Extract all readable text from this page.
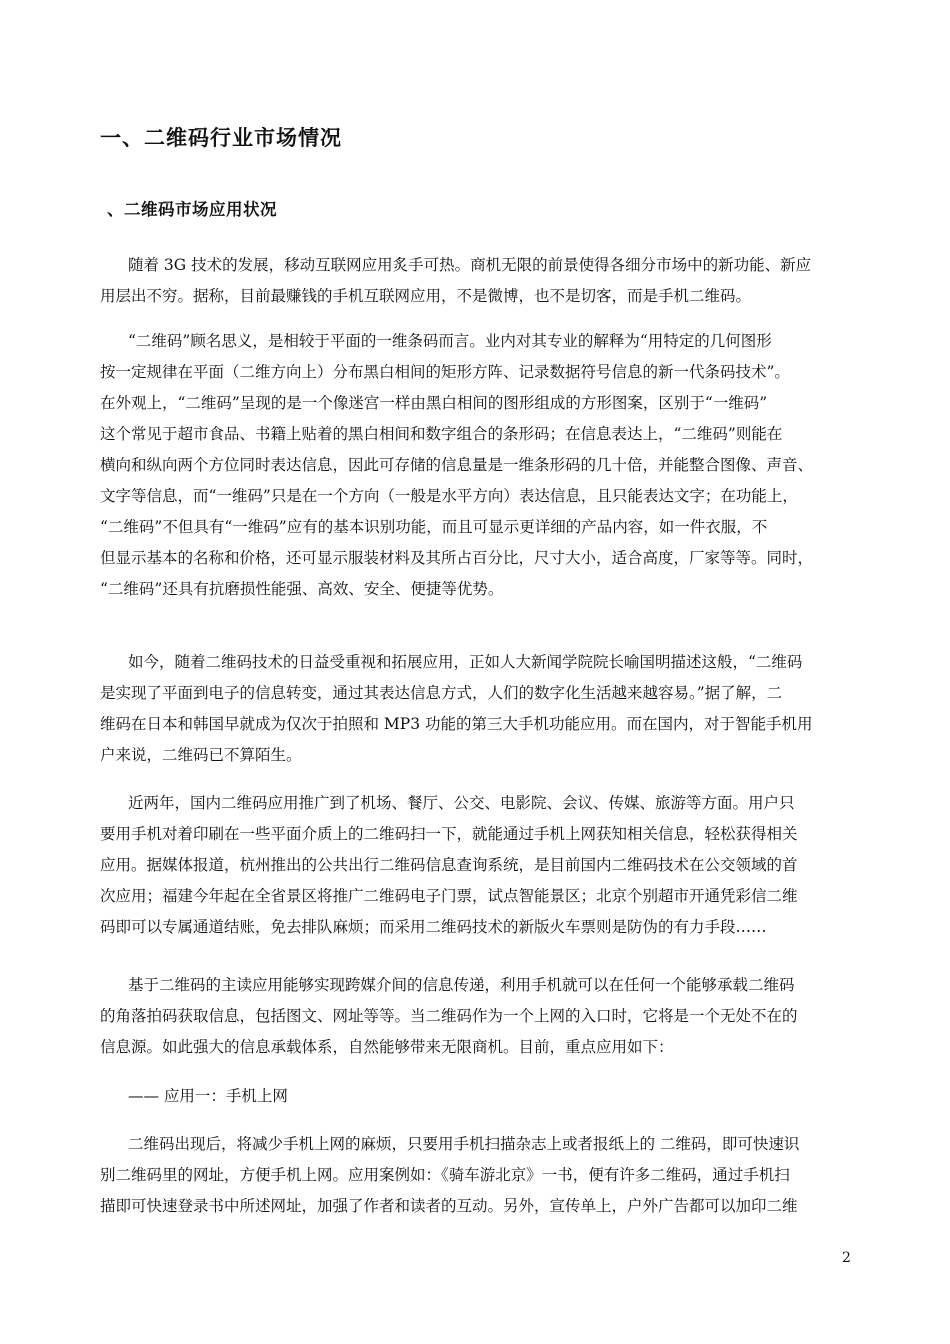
一、二维码行业市场情况
、二维码市场应用状况
随着 3G 技术的发展，移动互联网应用炙手可热。商机无限的前景使得各细分市场中的新功能、新应
用层出不穷。据称，目前最赚钱的手机互联网应用，不是微博，也不是切客，而是手机二维码。
“二维码”顾名思义，是相较于平面的一维条码而言。业内对其专业的解释为“用特定的几何图形
按一定规律在平面（二维方向上）分布黑白相间的矩形方阵、记录数据符号信息的新一代条码技术”。
在外观上，“二维码”呈现的是一个像迷宫一样由黑白相间的图形组成的方形图案，区别于“一维码”
这个常见于超市食品、书籍上贴着的黑白相间和数字组合的条形码；在信息表达上，“二维码”则能在
横向和纵向两个方位同时表达信息，因此可存储的信息量是一维条形码的几十倍，并能整合图像、声音、
文字等信息，而“一维码”只是在一个方向（一般是水平方向）表达信息，且只能表达文字；在功能上，
“二维码”不但具有“一维码”应有的基本识别功能，而且可显示更详细的产品内容，如一件衣服，不
但显示基本的名称和价格，还可显示服装材料及其所占百分比，尺寸大小，适合高度，厂家等等。同时，
“二维码”还具有抗磨损性能强、高效、安全、便捷等优势。
如今，随着二维码技术的日益受重视和拓展应用，正如人大新闻学院院长喻国明描述这般，“二维码
是实现了平面到电子的信息转变，通过其表达信息方式，人们的数字化生活越来越容易。”据了解，二
维码在日本和韩国早就成为仅次于拍照和 MP3 功能的第三大手机功能应用。而在国内，对于智能手机用
户来说，二维码已不算陌生。
近两年，国内二维码应用推广到了机场、餐厅、公交、电影院、会议、传媒、旅游等方面。用户只
要用手机对着印刷在一些平面介质上的二维码扫一下，就能通过手机上网获知相关信息，轻松获得相关
应用。据媒体报道，杭州推出的公共出行二维码信息查询系统，是目前国内二维码技术在公交领域的首
次应用；福建今年起在全省景区将推广二维码电子门票，试点智能景区；北京个别超市开通凭彩信二维
码即可以专属通道结账，免去排队麻烦；而采用二维码技术的新版火车票则是防伪的有力手段……
基于二维码的主读应用能够实现跨媒介间的信息传递，利用手机就可以在任何一个能够承载二维码
的角落拍码获取信息，包括图文、网址等等。当二维码作为一个上网的入口时，它将是一个无处不在的
信息源。如此强大的信息承载体系，自然能够带来无限商机。目前，重点应用如下：
—— 应用一：手机上网
二维码出现后，将减少手机上网的麻烦，只要用手机扫描杂志上或者报纸上的 二维码，即可快速识
别二维码里的网址，方便手机上网。应用案例如：《骑车游北京》一书，便有许多二维码，通过手机扫
描即可快速登录书中所述网址，加强了作者和读者的互动。另外，宣传单上，户外广告都可以加印二维
2
